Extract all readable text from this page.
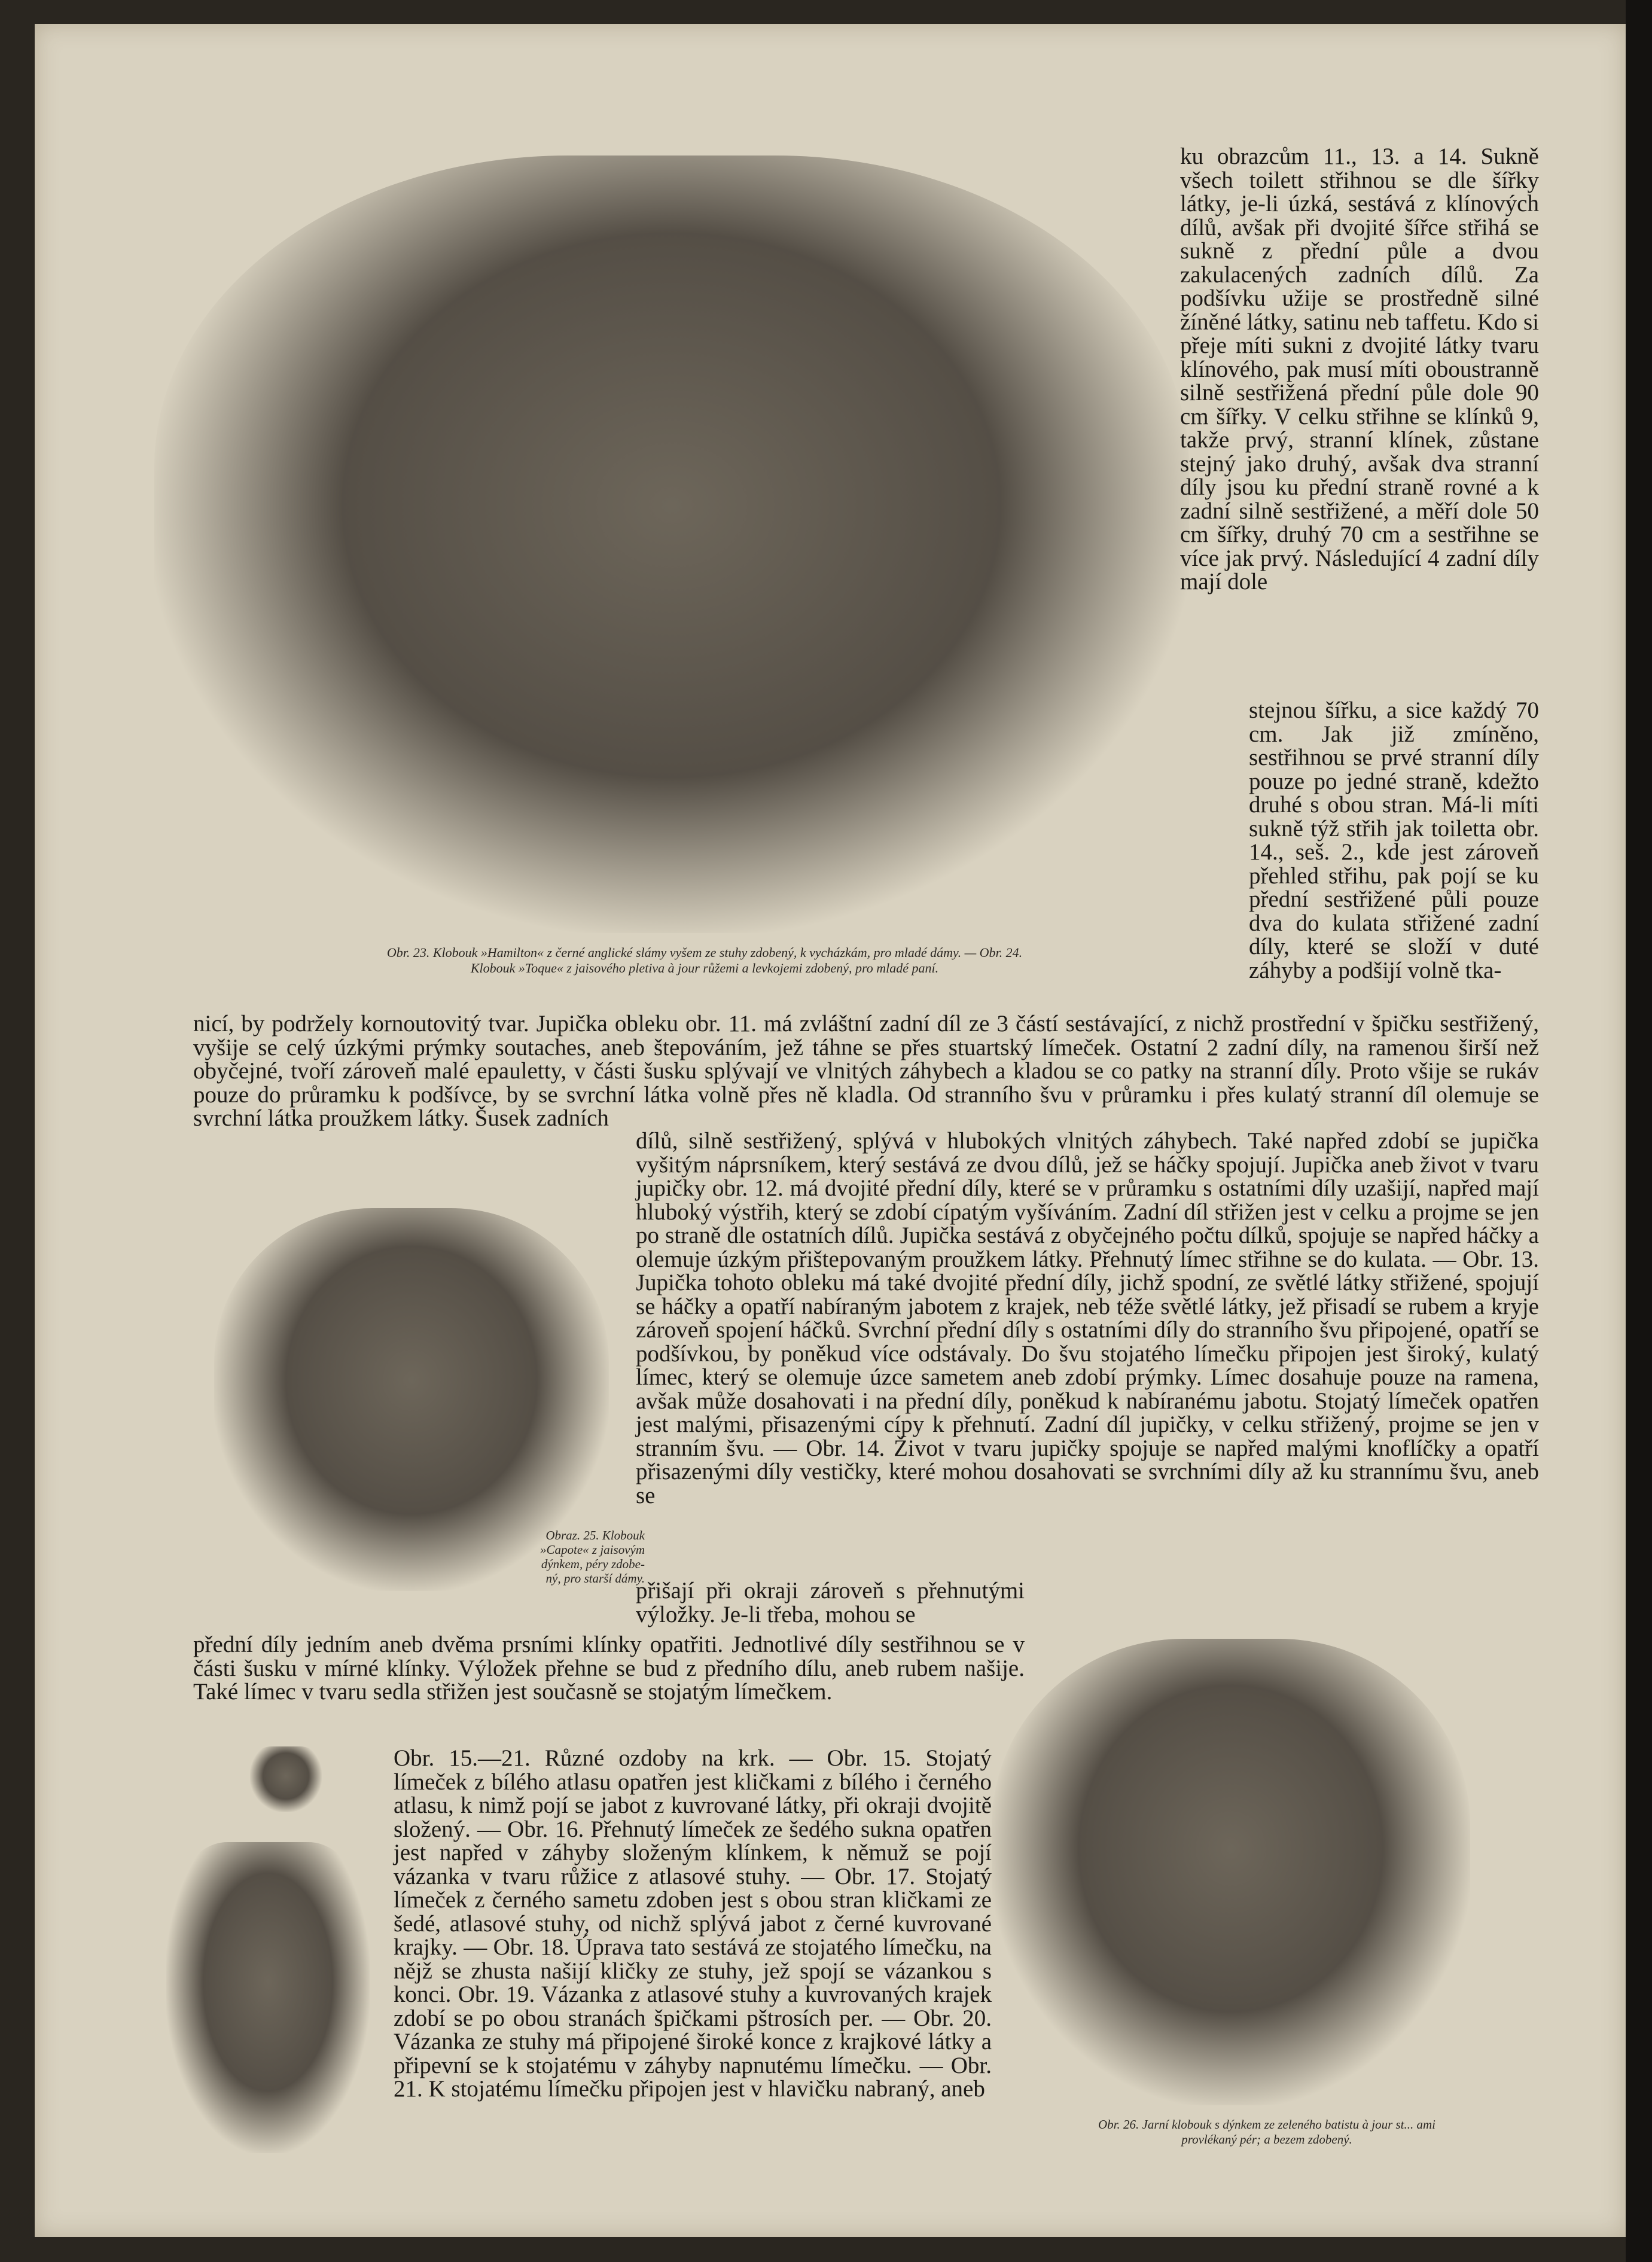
Obr. 23. Klobouk »Hamilton« z černé anglické slámy vyšem ze stuhy zdobený, k vycházkám, pro mladé dámy. — Obr. 24.
Klobouk »Toque« z jaisového pletiva à jour růžemi a levkojemi zdobený, pro mladé paní.
Obraz. 25. Klobouk
»Capote« z jaisovým
dýnkem, péry zdobe-
ný, pro starší dámy.
Obr. 26. Jarní klobouk s dýnkem ze zeleného batistu à jour st... ami
provlékaný pér; a bezem zdobený.

ku obrazcům 11., 13. a 14. Sukně všech toilett střihnou se dle šířky látky, je-li úzká, sestává z klínových dílů, avšak při dvojité šířce střihá se sukně z přední půle a dvou zakulacených zadních dílů. Za podšívku užije se prostředně silné žíněné látky, satinu neb taffetu. Kdo si přeje míti sukni z dvojité látky tvaru klínového, pak musí míti oboustranně silně sestřižená přední půle dole 90 cm šířky. V celku střihne se klínků 9, takže prvý, stranní klínek, zůstane stejný jako druhý, avšak dva stranní díly jsou ku přední straně rovné a k zadní silně sestřižené, a měří dole 50 cm šířky, druhý 70 cm a sestřihne se více jak prvý. Následující 4 zadní díly mají dole

stejnou šířku, a sice každý 70 cm. Jak již zmíněno, sestřihnou se prvé stranní díly pouze po jedné straně, kdežto druhé s obou stran. Má-li míti sukně týž střih jak toiletta obr. 14., seš. 2., kde jest zároveň přehled střihu, pak pojí se ku přední sestřižené půli pouze dva do kulata střižené zadní díly, které se složí v duté záhyby a podšijí volně tka-

nicí, by podržely kornoutovitý tvar. Jupička obleku obr. 11. má zvláštní zadní díl ze 3 částí sestávající, z nichž prostřední v špičku sestřižený, vyšije se celý úzkými prýmky soutaches, aneb štepováním, jež táhne se přes stuartský límeček. Ostatní 2 zadní díly, na ramenou širší než obyčejné, tvoří zároveň malé epauletty, v části šusku splývají ve vlnitých záhybech a kladou se co patky na stranní díly. Proto všije se rukáv pouze do průramku k podšívce, by se svrchní látka volně přes ně kladla. Od stranního švu v průramku i přes kulatý stranní díl olemuje se svrchní látka proužkem látky. Šusek zadních

dílů, silně sestřižený, splývá v hlubokých vlnitých záhybech. Také napřed zdobí se jupička vyšitým náprsníkem, který sestává ze dvou dílů, jež se háčky spojují. Jupička aneb život v tvaru jupičky obr. 12. má dvojité přední díly, které se v průramku s ostatními díly uzašijí, napřed mají hluboký výstřih, který se zdobí cípatým vyšíváním. Zadní díl střižen jest v celku a projme se jen po straně dle ostatních dílů. Jupička sestává z obyčejného počtu dílků, spojuje se napřed háčky a olemuje úzkým přištepovaným proužkem látky. Přehnutý límec střihne se do kulata. — Obr. 13. Jupička tohoto obleku má také dvojité přední díly, jichž spodní, ze světlé látky střižené, spojují se háčky a opatří nabíraným jabotem z krajek, neb téže světlé látky, jež přisadí se rubem a kryje zároveň spojení háčků. Svrchní přední díly s ostatními díly do stranního švu připojené, opatří se podšívkou, by poněkud více odstávaly. Do švu stojatého límečku připojen jest široký, kulatý límec, který se olemuje úzce sametem aneb zdobí prýmky. Límec dosahuje pouze na ramena, avšak může dosahovati i na přední díly, poněkud k nabíranému jabotu. Stojatý límeček opatřen jest malými, přisazenými cípy k přehnutí. Zadní díl jupičky, v celku střižený, projme se jen v stranním švu. — Obr. 14. Život v tvaru jupičky spojuje se napřed malými knoflíčky a opatří přisazenými díly vestičky, které mohou dosahovati se svrchními díly až ku strannímu švu, aneb se

přišají při okraji zároveň s přehnutými výložky. Je-li třeba, mohou se

přední díly jedním aneb dvěma prsními klínky opatřiti. Jednotlivé díly sestřihnou se v části šusku v mírné klínky. Výložek přehne se bud z předního dílu, aneb rubem našije. Také límec v tvaru sedla střižen jest současně se stojatým límečkem.

Obr. 15.—21. Různé ozdoby na krk. — Obr. 15. Stojatý límeček z bílého atlasu opatřen jest kličkami z bílého i černého atlasu, k nimž pojí se jabot z kuvrované látky, při okraji dvojitě složený. — Obr. 16. Přehnutý límeček ze šedého sukna opatřen jest napřed v záhyby složeným klínkem, k němuž se pojí vázanka v tvaru růžice z atlasové stuhy. — Obr. 17. Stojatý límeček z černého sametu zdoben jest s obou stran kličkami ze šedé, atlasové stuhy, od nichž splývá jabot z černé kuvrované krajky. — Obr. 18. Úprava tato sestává ze stojatého límečku, na nějž se zhusta našijí kličky ze stuhy, jež spojí se vázankou s konci. Obr. 19. Vázanka z atlasové stuhy a kuvrovaných krajek zdobí se po obou stranách špičkami pštrosích per. — Obr. 20. Vázanka ze stuhy má připojené široké konce z krajkové látky a připevní se k stojatému v záhyby napnutému límečku. — Obr. 21. K stojatému límečku připojen jest v hlavičku nabraný, aneb
